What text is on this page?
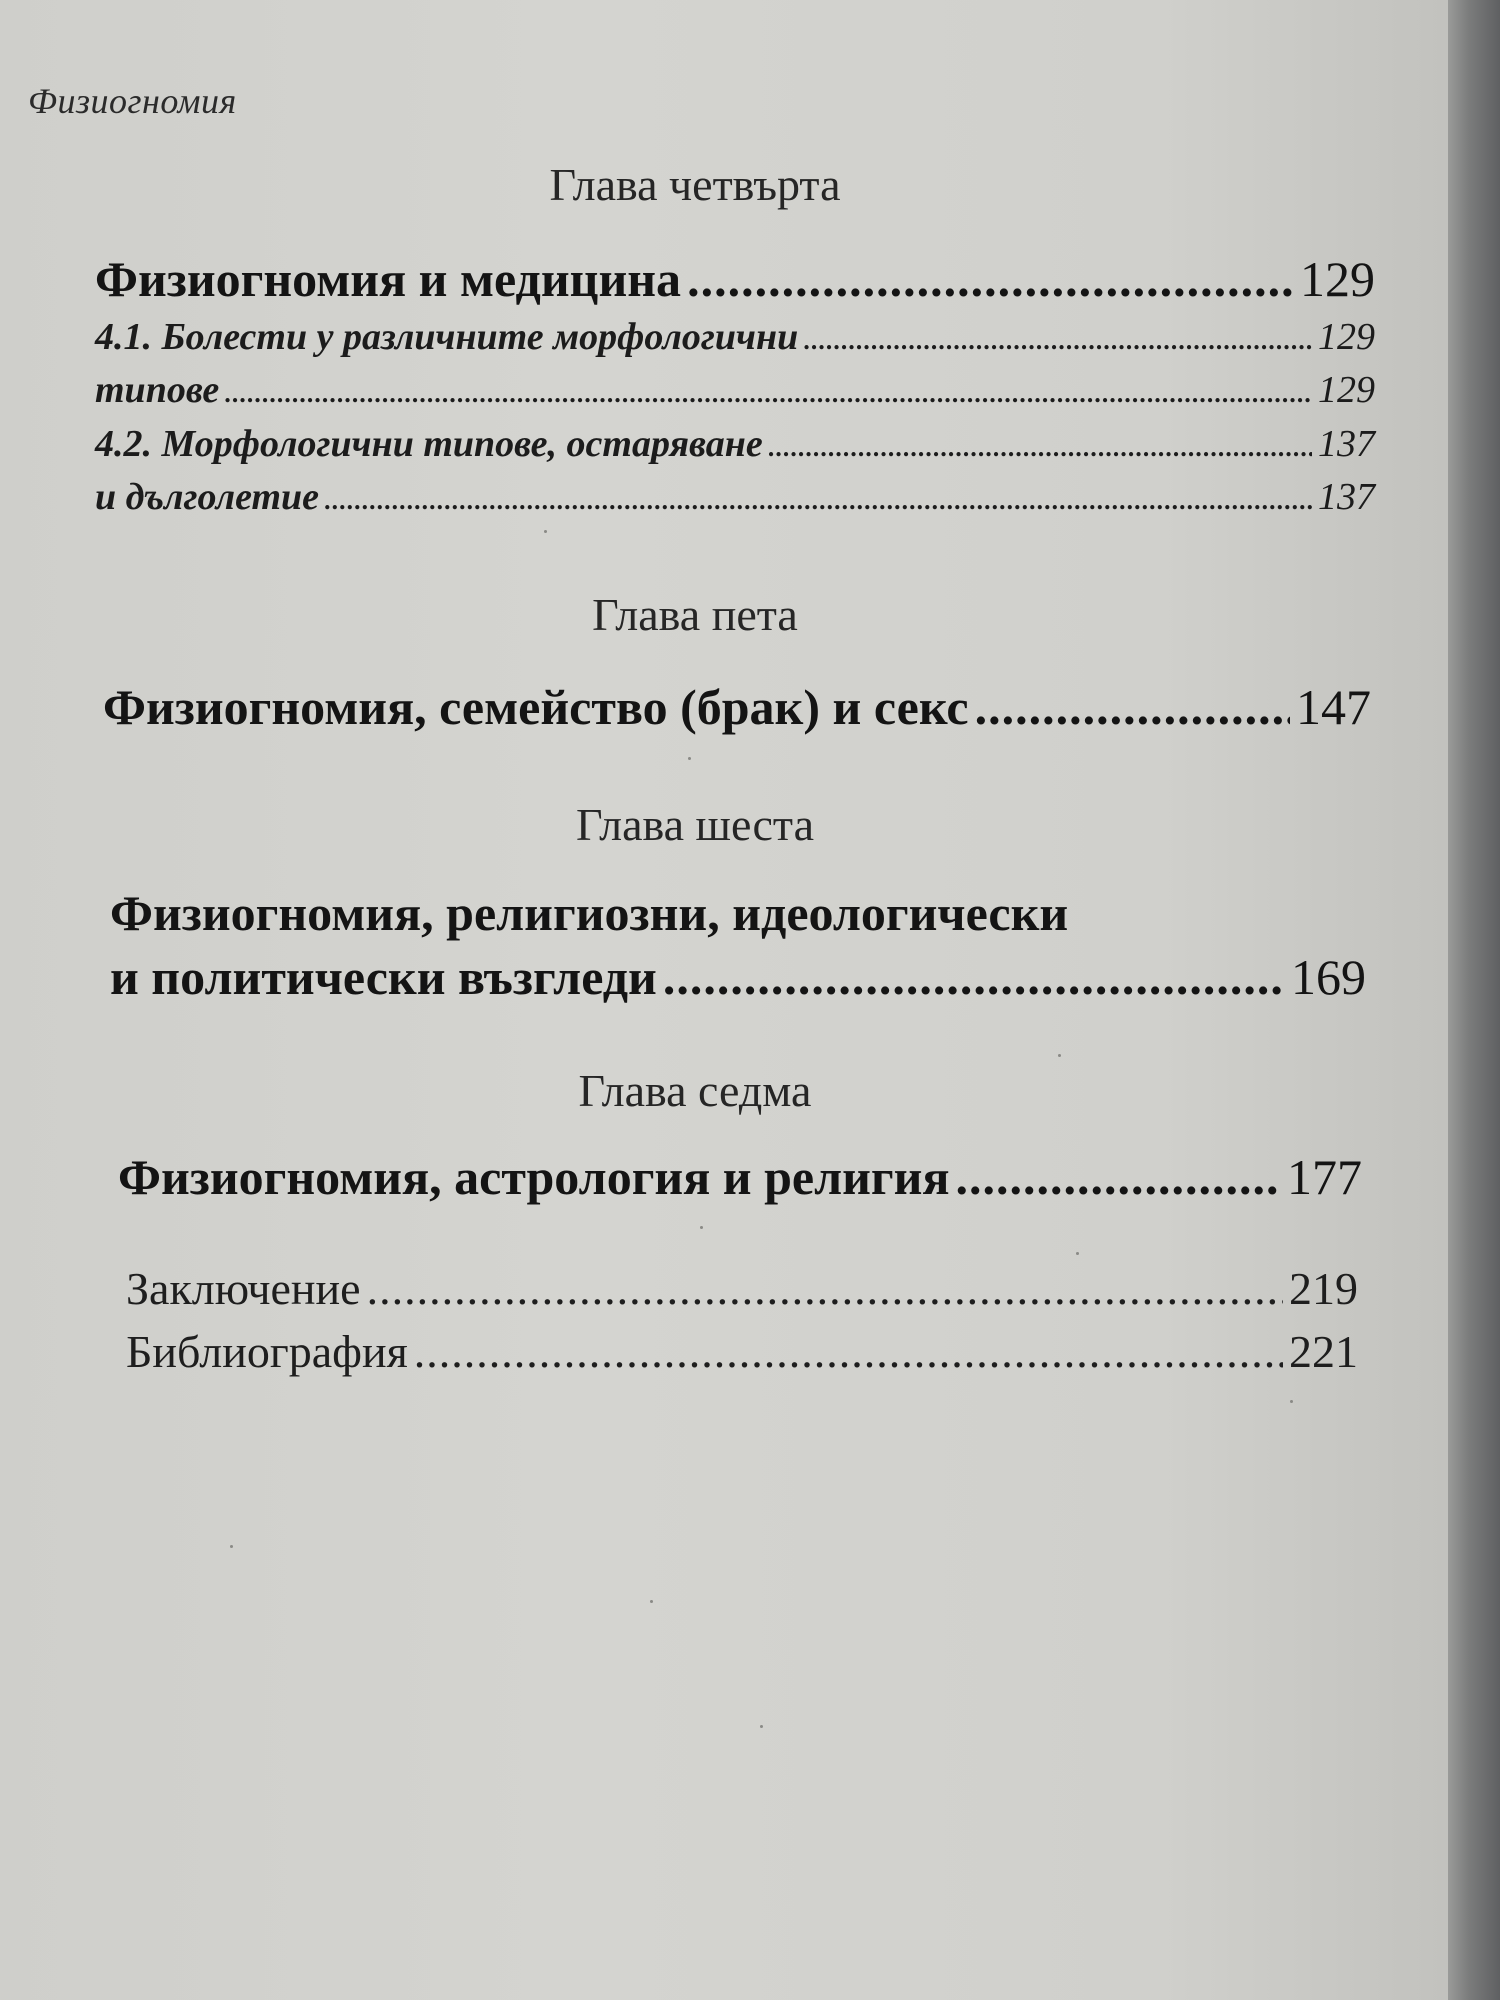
Физиогномия
Глава четвърта
Физиогномия и медицина .....	129
4.1. Болести у различните морфологични .....	129
типове .....	129
4.2. Морфологични типове, остаряване .....	137
и дълголетие .....	137
Глава пета
Физиогномия, семейство (брак) и секс .....	147
Глава шеста
Физиогномия, религиозни, идеологически
и политически възгледи .....	169
Глава седма
Физиогномия, астрология и религия .....	177
Заключение .....	219
Библиография .....	221
